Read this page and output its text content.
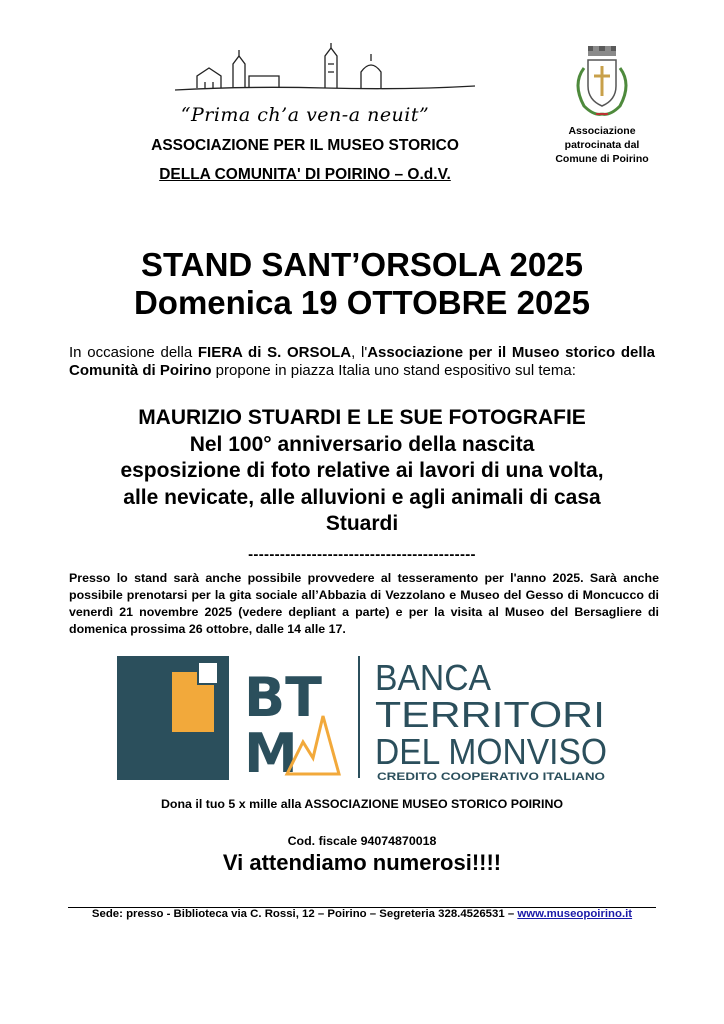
“Prima ch’a ven-a neuit”
ASSOCIAZIONE PER IL MUSEO STORICO
DELLA COMUNITA' DI POIRINO – O.d.V.
Associazione
patrocinata dal
Comune di Poirino
STAND SANT’ORSOLA 2025
Domenica 19 OTTOBRE 2025
In occasione della FIERA di S. ORSOLA, l'Associazione per il Museo storico della Comunità di Poirino propone in piazza Italia uno stand espositivo sul tema:
MAURIZIO STUARDI E LE SUE FOTOGRAFIE
Nel 100° anniversario della nascita
esposizione di foto relative ai lavori di una volta,
alle nevicate, alle alluvioni e agli animali di casa
Stuardi
-------------------------------------------
Presso lo stand sarà anche possibile provvedere al tesseramento per l'anno 2025. Sarà anche possibile prenotarsi per la gita sociale all’Abbazia di Vezzolano e Museo del Gesso di Moncucco di venerdì 21 novembre 2025 (vedere depliant a parte) e per la visita al Museo del Bersagliere di domenica prossima 26 ottobre, dalle 14 alle 17.
BT
M
BANCA
TERRITORI
DEL MONVISO
CREDITO COOPERATIVO ITALIANO
Dona il tuo 5 x mille alla ASSOCIAZIONE MUSEO STORICO POIRINO
Cod. fiscale 94074870018
Vi attendiamo numerosi!!!!
Sede: presso - Biblioteca via C. Rossi, 12 – Poirino – Segreteria 328.4526531 – www.museopoirino.it
